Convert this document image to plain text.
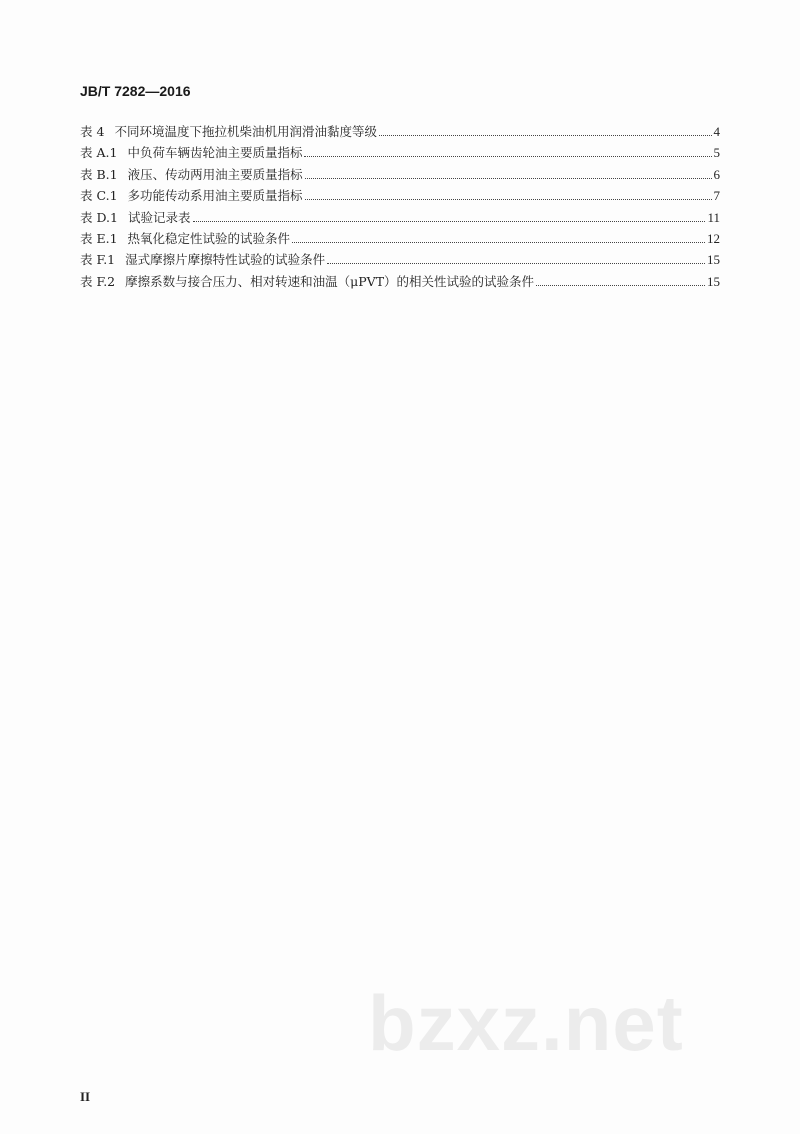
JB/T 7282—2016
表 4 不同环境温度下拖拉机柴油机用润滑油黏度等级	4
表 A.1 中负荷车辆齿轮油主要质量指标	5
表 B.1 液压、传动两用油主要质量指标	6
表 C.1 多功能传动系用油主要质量指标	7
表 D.1 试验记录表	11
表 E.1 热氧化稳定性试验的试验条件	12
表 F.1 湿式摩擦片摩擦特性试验的试验条件	15
表 F.2 摩擦系数与接合压力、相对转速和油温（μPVT）的相关性试验的试验条件	15
bzxz.net
II
